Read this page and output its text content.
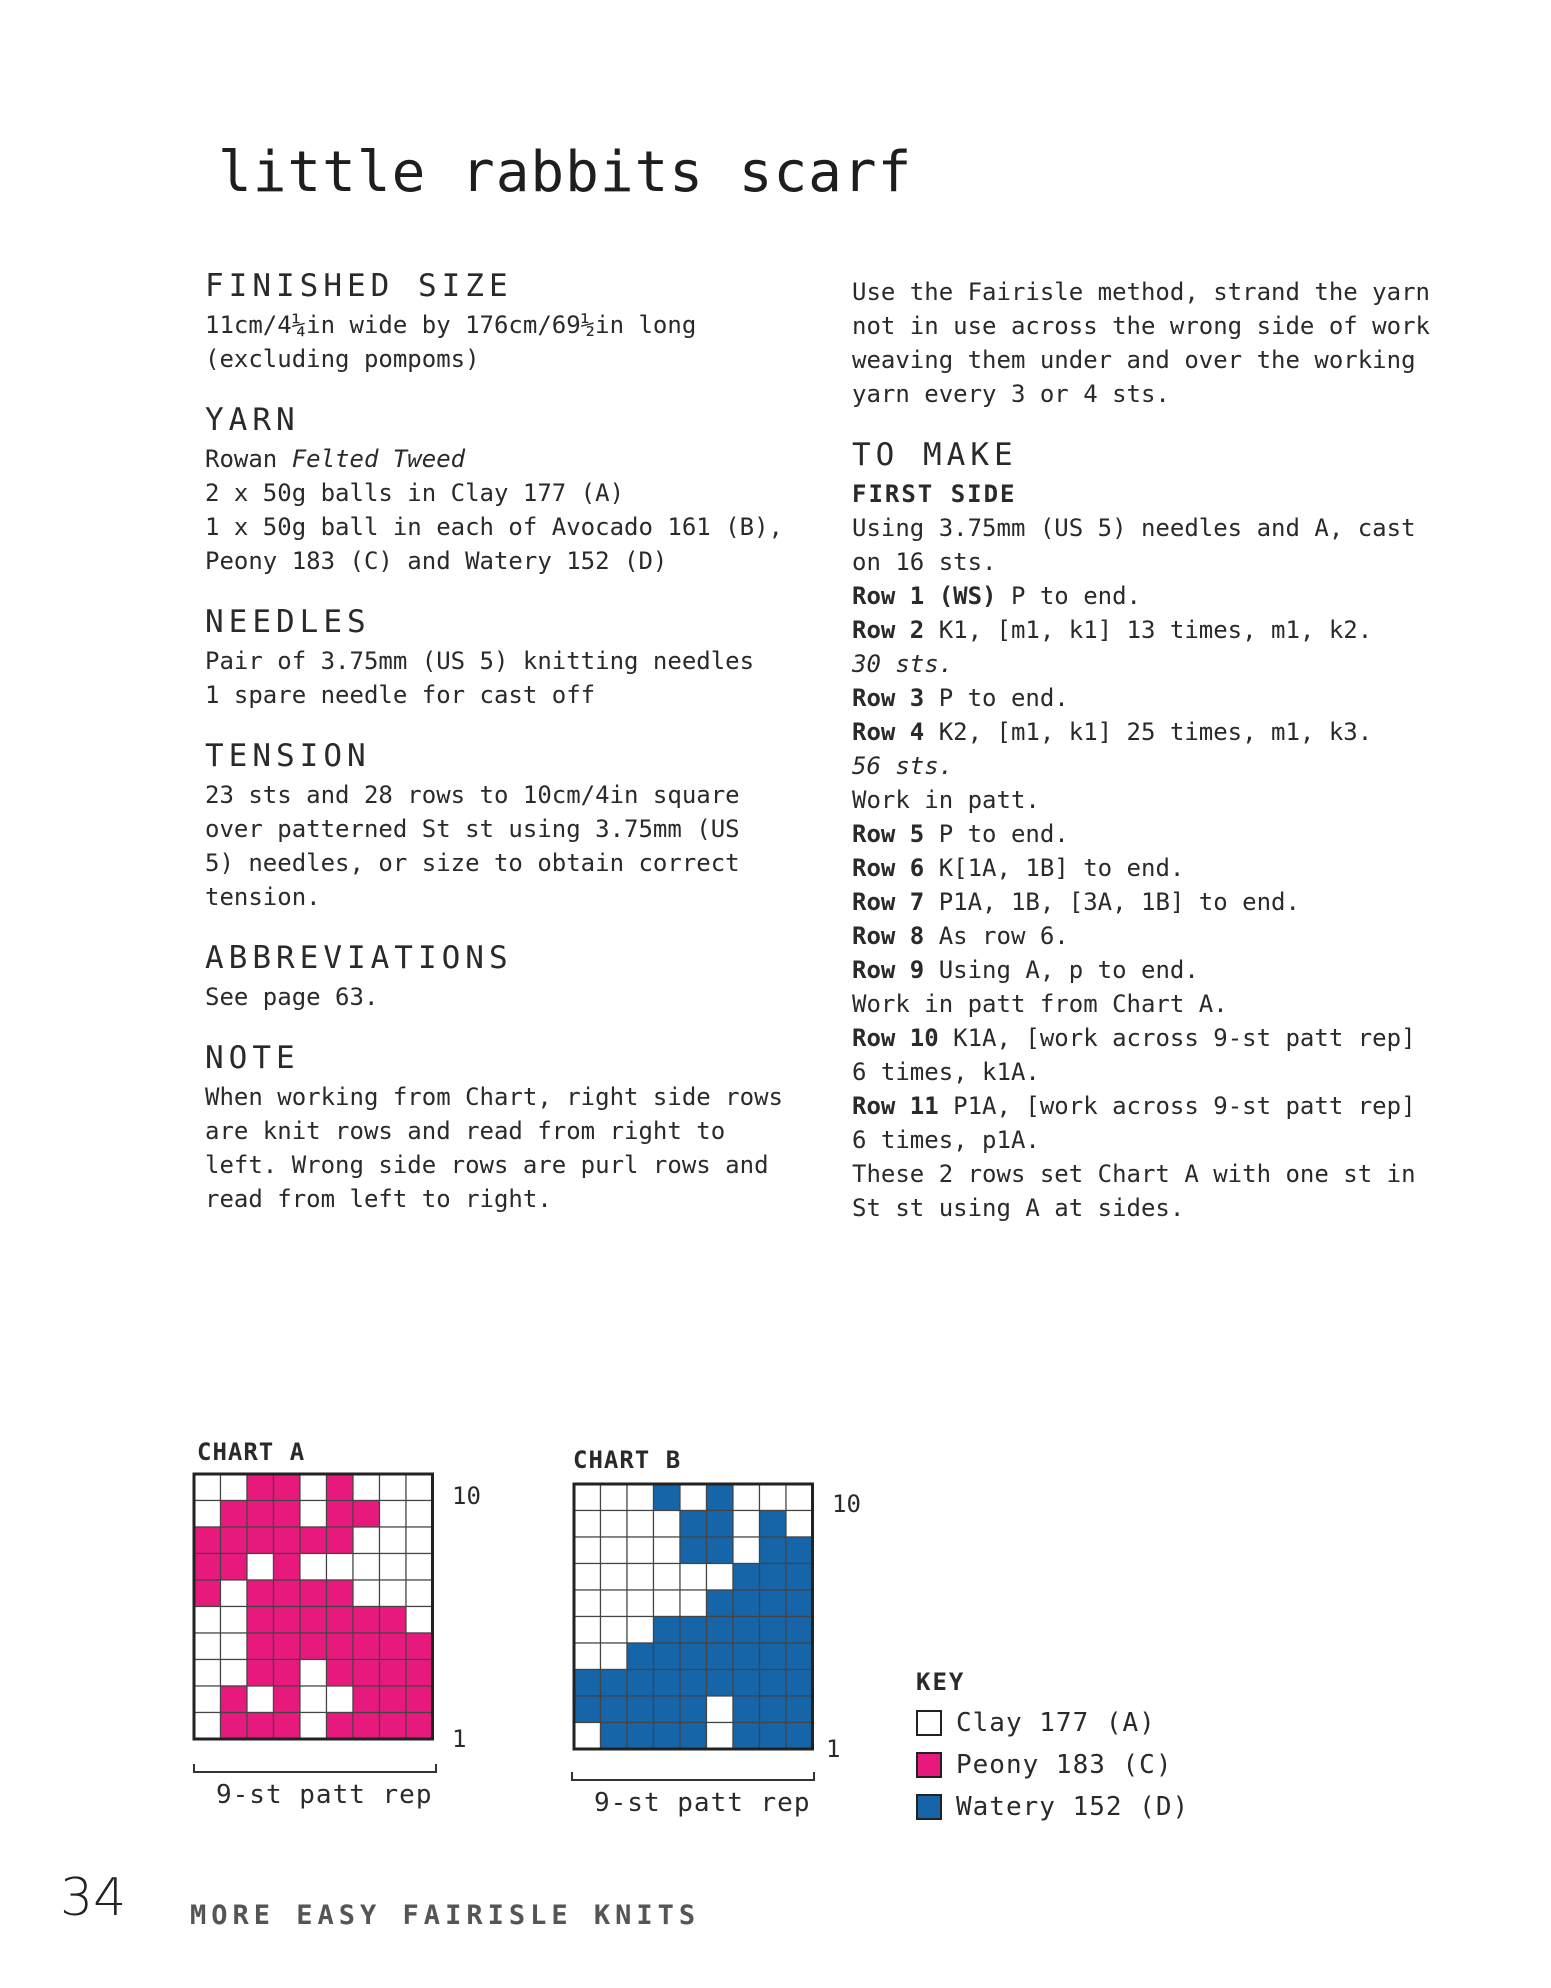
little rabbits scarf
FINISHED SIZE
11cm/4¼in wide by 176cm/69½in long
(excluding pompoms)
YARN
Rowan Felted Tweed
2 x 50g balls in Clay 177 (A)
1 x 50g ball in each of Avocado 161 (B),
Peony 183 (C) and Watery 152 (D)
NEEDLES
Pair of 3.75mm (US 5) knitting needles
1 spare needle for cast off
TENSION
23 sts and 28 rows to 10cm/4in square
over patterned St st using 3.75mm (US
5) needles, or size to obtain correct
tension.
ABBREVIATIONS
See page 63.
NOTE
When working from Chart, right side rows
are knit rows and read from right to
left. Wrong side rows are purl rows and
read from left to right.
Use the Fairisle method, strand the yarn
not in use across the wrong side of work
weaving them under and over the working
yarn every 3 or 4 sts.
TO MAKE
FIRST SIDE
Using 3.75mm (US 5) needles and A, cast
on 16 sts.
Row 1 (WS) P to end.
Row 2 K1, [m1, k1] 13 times, m1, k2.
30 sts.
Row 3 P to end.
Row 4 K2, [m1, k1] 25 times, m1, k3.
56 sts.
Work in patt.
Row 5 P to end.
Row 6 K[1A, 1B] to end.
Row 7 P1A, 1B, [3A, 1B] to end.
Row 8 As row 6.
Row 9 Using A, p to end.
Work in patt from Chart A.
Row 10 K1A, [work across 9-st patt rep]
6 times, k1A.
Row 11 P1A, [work across 9-st patt rep]
6 times, p1A.
These 2 rows set Chart A with one st in
St st using A at sides.
CHART A
10
1
9-st patt rep
CHART B
10
1
9-st patt rep
KEY
Clay 177 (A)
Peony 183 (C)
Watery 152 (D)
34 MORE EASY FAIRISLE KNITS
